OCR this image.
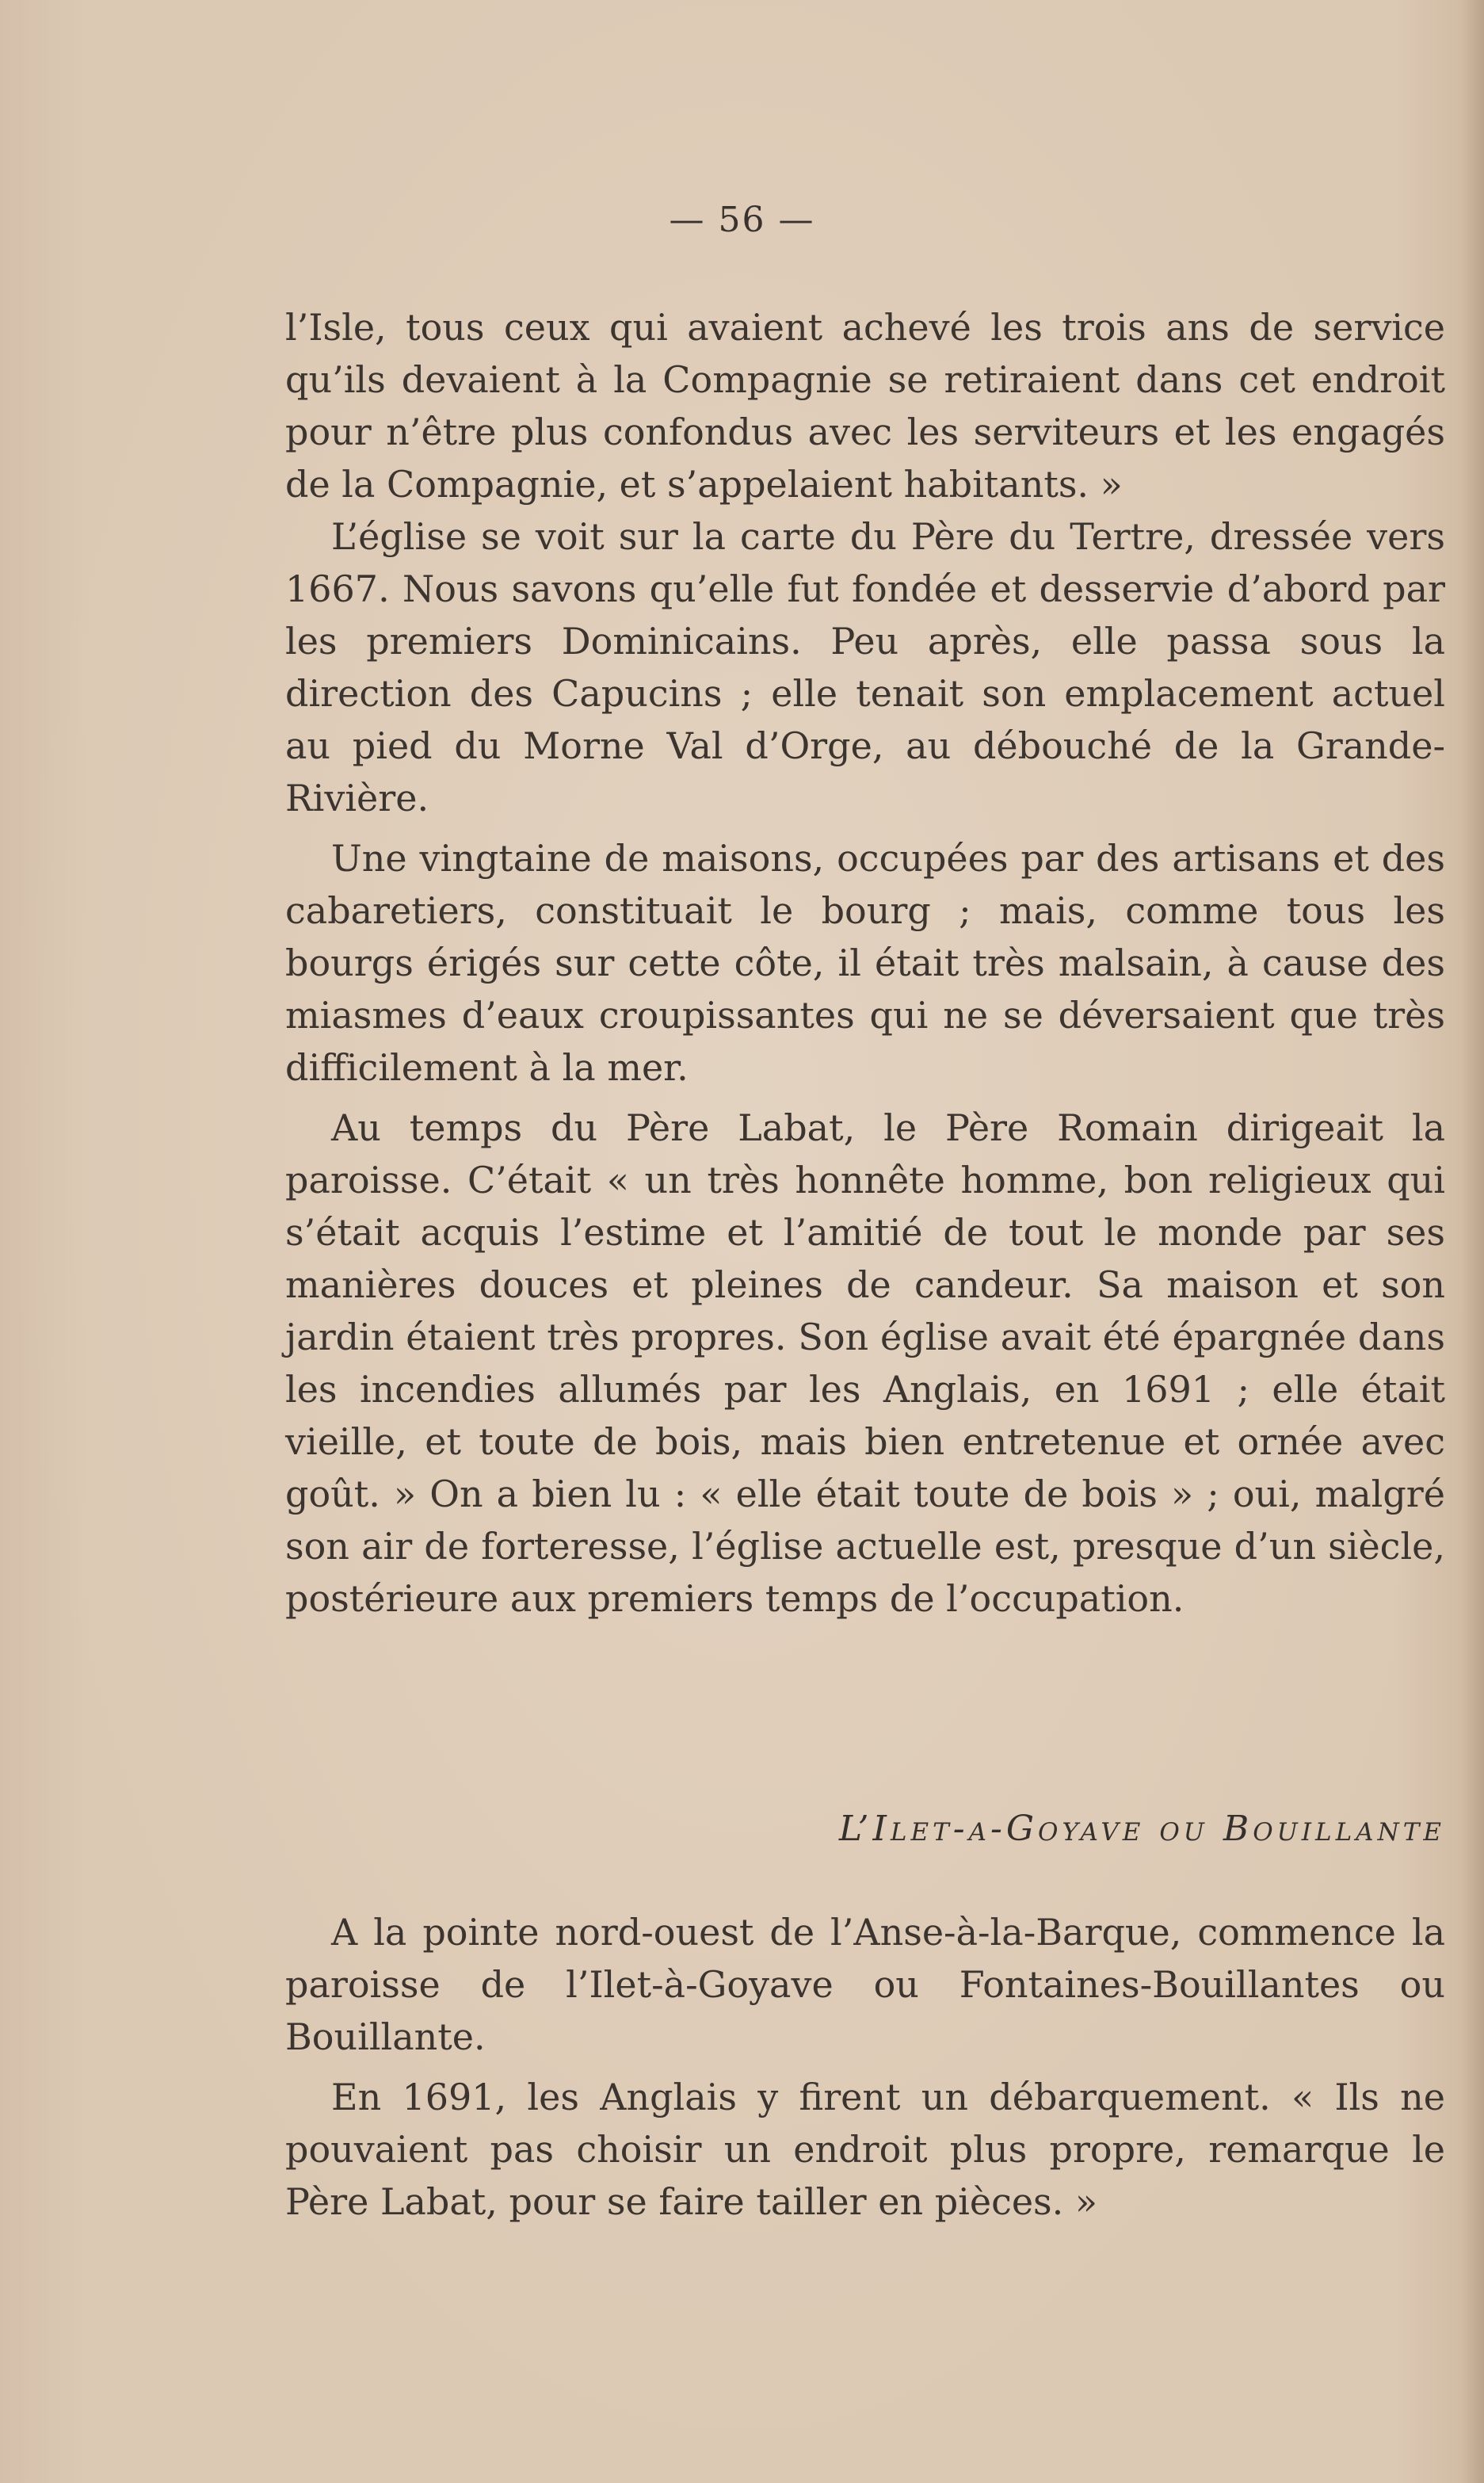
— 56 —

l’Isle, tous ceux qui avaient achevé les trois ans de service qu’ils devaient à la Compagnie se retiraient dans cet endroit pour n’être plus confondus avec les serviteurs et les engagés de la Compagnie, et s’appelaient habitants. »

L’église se voit sur la carte du Père du Tertre, dressée vers 1667. Nous savons qu’elle fut fondée et desservie d’abord par les premiers Dominicains. Peu après, elle passa sous la direction des Capucins ; elle tenait son emplacement actuel au pied du Morne Val d’Orge, au débouché de la Grande-Rivière.

Une vingtaine de maisons, occupées par des artisans et des cabaretiers, constituait le bourg ; mais, comme tous les bourgs érigés sur cette côte, il était très malsain, à cause des miasmes d’eaux croupissantes qui ne se déversaient que très difficilement à la mer.

Au temps du Père Labat, le Père Romain dirigeait la paroisse. C’était « un très honnête homme, bon religieux qui s’était acquis l’estime et l’amitié de tout le monde par ses manières douces et pleines de candeur. Sa maison et son jardin étaient très propres. Son église avait été épargnée dans les incendies allumés par les Anglais, en 1691 ; elle était vieille, et toute de bois, mais bien entretenue et ornée avec goût. » On a bien lu : « elle était toute de bois » ; oui, malgré son air de forteresse, l’église actuelle est, presque d’un siècle, postérieure aux premiers temps de l’occupation.

L’Ilet-a-Goyave ou Bouillante

A la pointe nord-ouest de l’Anse-à-la-Barque, commence la paroisse de l’Ilet-à-Goyave ou Fontaines-Bouillantes ou Bouillante.

En 1691, les Anglais y firent un débarquement. « Ils ne pouvaient pas choisir un endroit plus propre, remarque le Père Labat, pour se faire tailler en pièces. »
